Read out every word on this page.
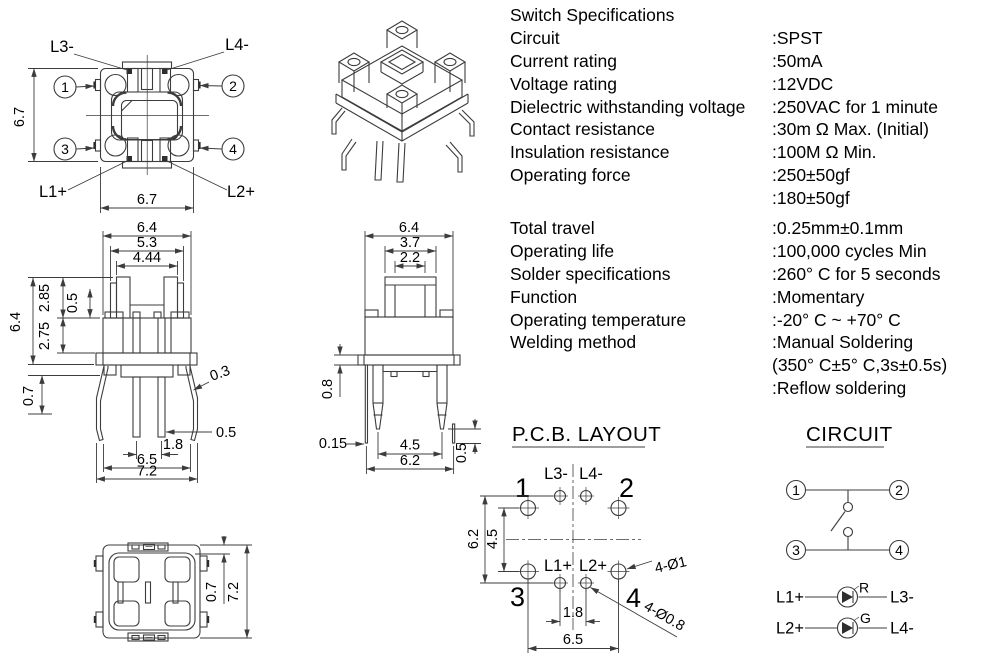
1	2
3	4
L3-	L4-
L1+	L2+
6.7
6.7
Switch Specifications
Circuit	:SPST
Current rating	:50mA
Voltage rating	:12VDC
Dielectric withstanding voltage :250VAC for 1 minute
Contact resistance	:30m Ω Max. (Initial)
Insulation resistance	:100M Ω Min.
Operating force	:250±50gf
:180±50gf
Total travel	:0.25mm±0.1mm
Operating life	:100,000 cycles Min
Solder specifications	:260° C for 5 seconds
Function	:Momentary
Operating temperature	:-20° C ~ +70° C
Welding method	:Manual Soldering
(350° C±5° C,3s±0.5s)
:Reflow soldering
6.4
5.3
4.44
6.4
2.85 0.5
2.75
0.7
0.3
0.5
1.8
6.5
7.2
6.4
3.7
2.2
0.8
0.15	4.5
6.2 0.5
0.7 7.2
P.C.B. LAYOUT
1	2
3	4
L3- L4-
L1+ L2+
6.2 4.5
1.8
6.5
4-Ø1
4-Ø0.8
CIRCUIT
1	2
3	4
L1+
R
L3-
L2+
G
L4-
